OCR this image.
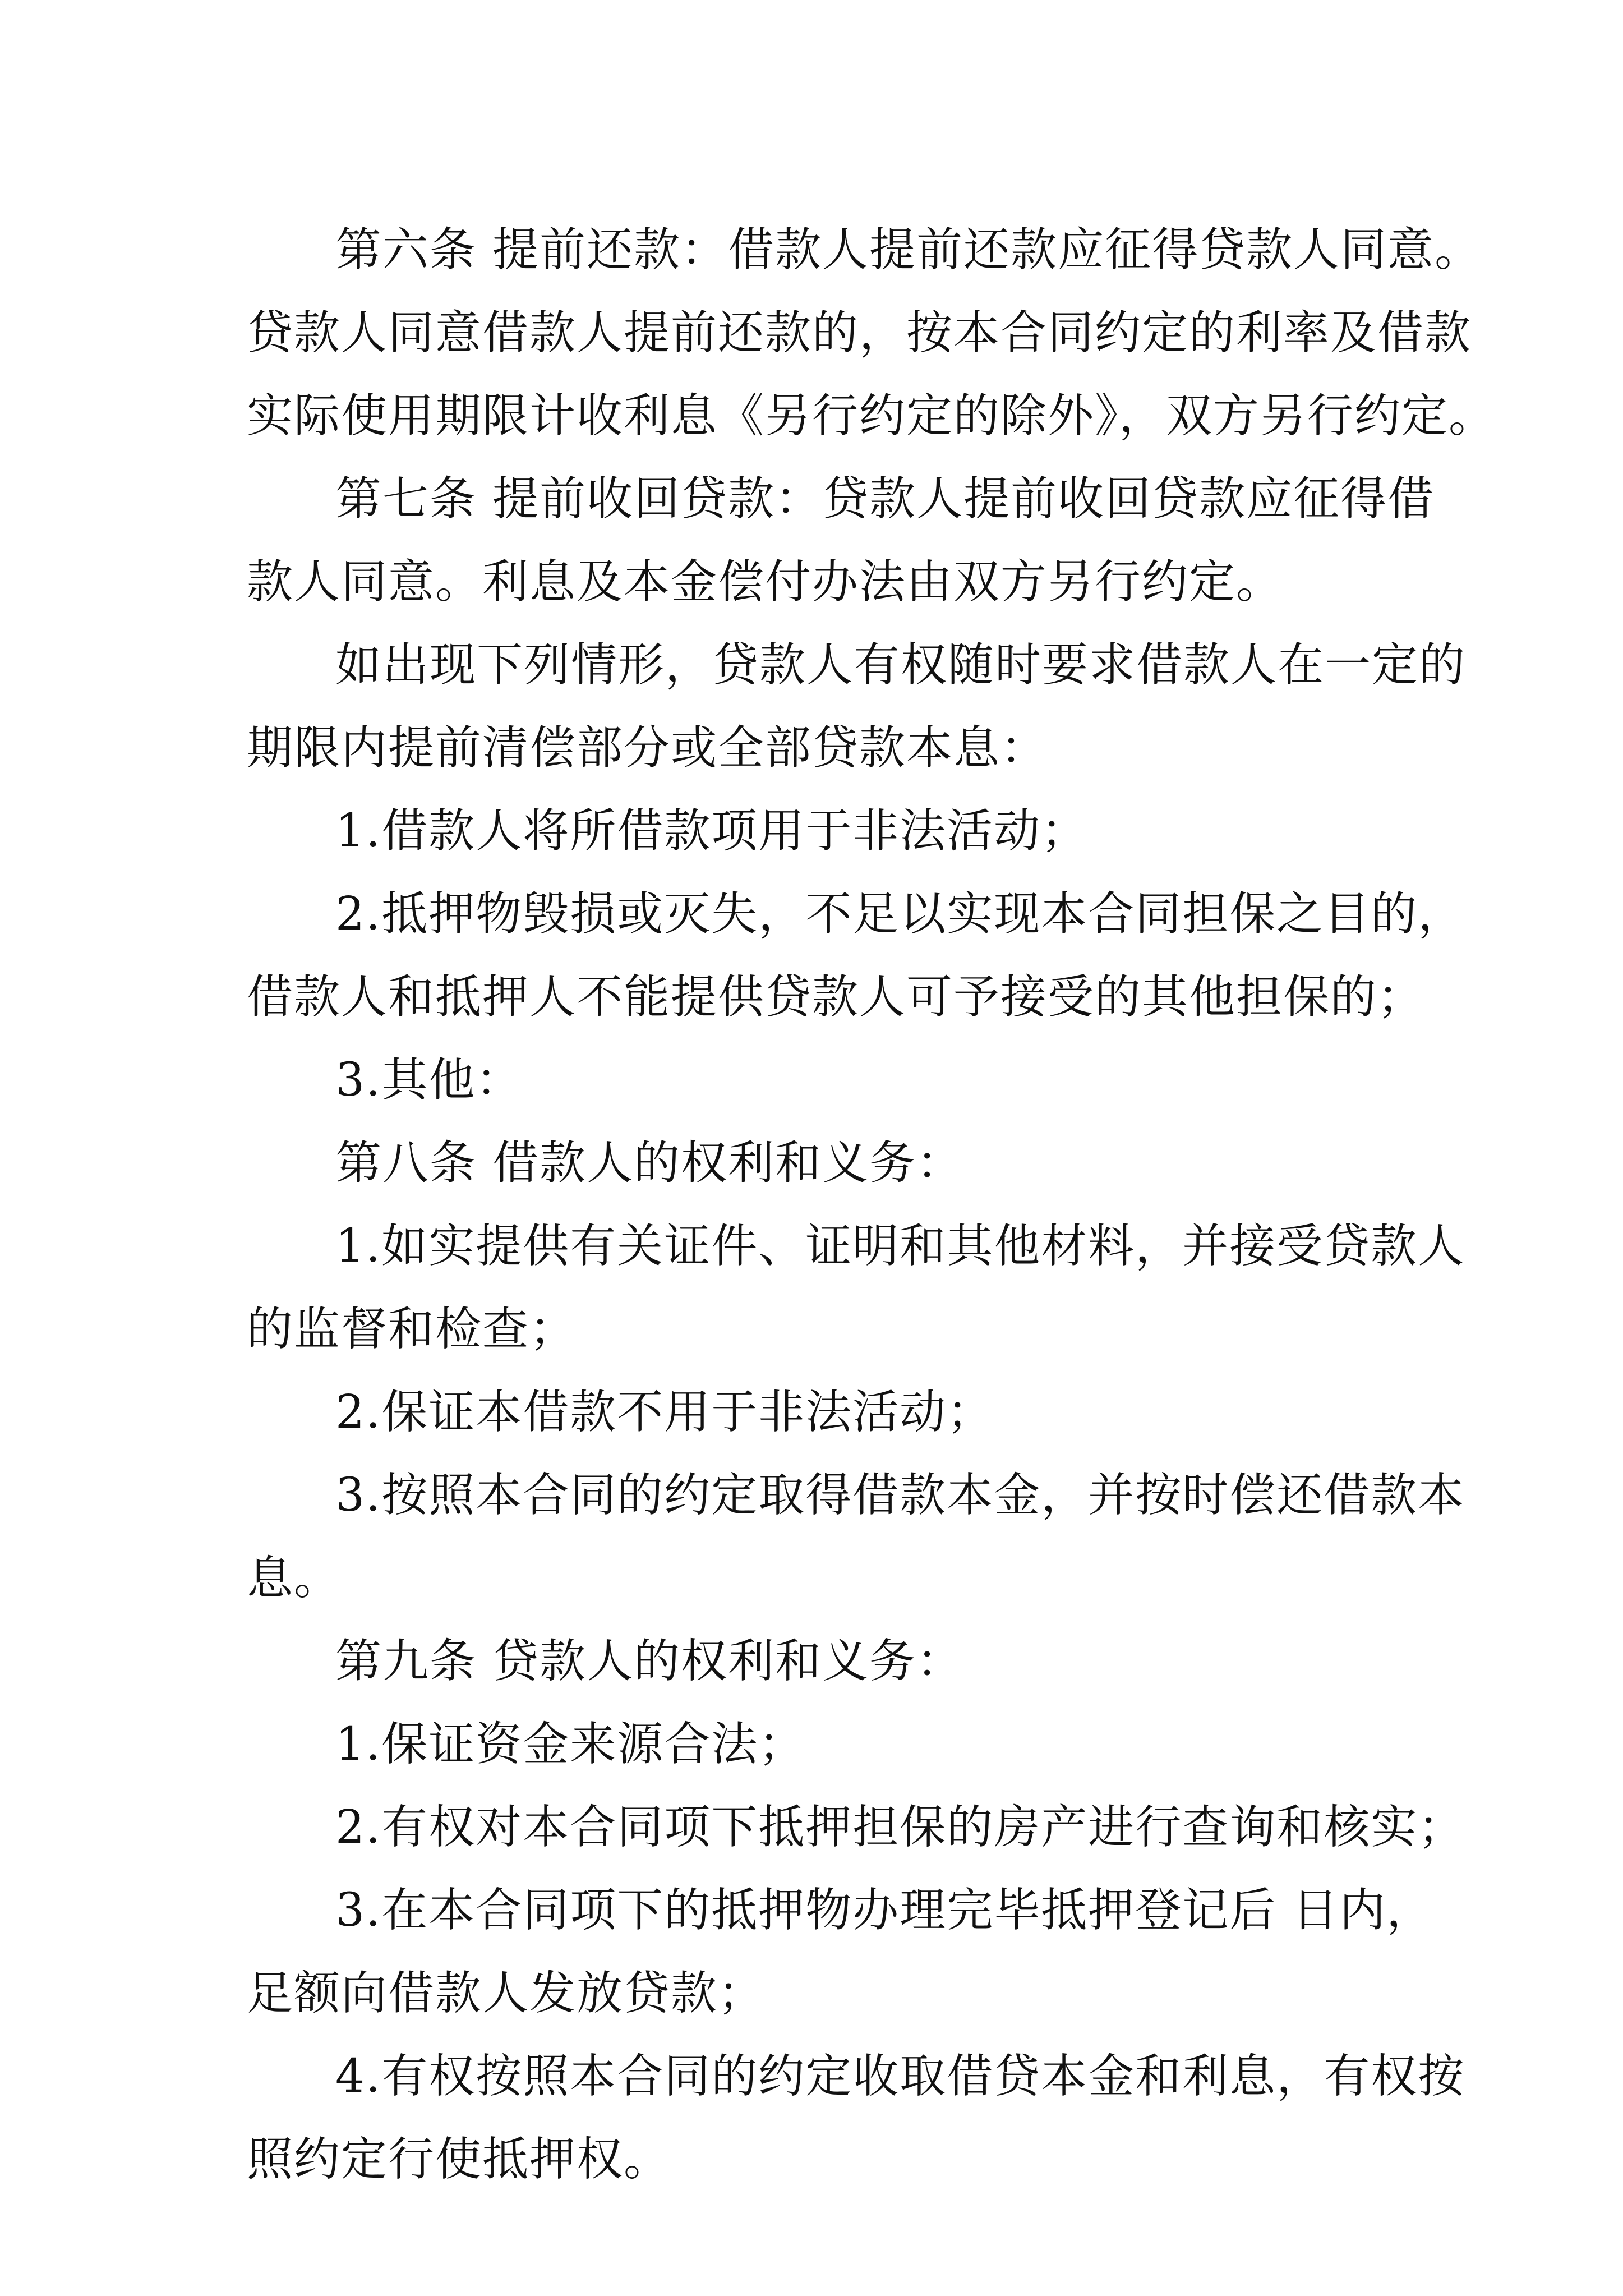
第六条 提前还款：借款人提前还款应征得贷款人同意。
贷款人同意借款人提前还款的，按本合同约定的利率及借款
实际使用期限计收利息《另行约定的除外》，双方另行约定。
第七条 提前收回贷款：贷款人提前收回贷款应征得借
款人同意。利息及本金偿付办法由双方另行约定。
如出现下列情形，贷款人有权随时要求借款人在一定的
期限内提前清偿部分或全部贷款本息：
1.借款人将所借款项用于非法活动；
2.抵押物毁损或灭失，不足以实现本合同担保之目的，
借款人和抵押人不能提供贷款人可予接受的其他担保的；
3.其他：
第八条 借款人的权利和义务：
1.如实提供有关证件、证明和其他材料，并接受贷款人
的监督和检查；
2.保证本借款不用于非法活动；
3.按照本合同的约定取得借款本金，并按时偿还借款本
息。
第九条 贷款人的权利和义务：
1.保证资金来源合法；
2.有权对本合同项下抵押担保的房产进行查询和核实；
3.在本合同项下的抵押物办理完毕抵押登记后 日内，
足额向借款人发放贷款；
4.有权按照本合同的约定收取借贷本金和利息，有权按
照约定行使抵押权。
